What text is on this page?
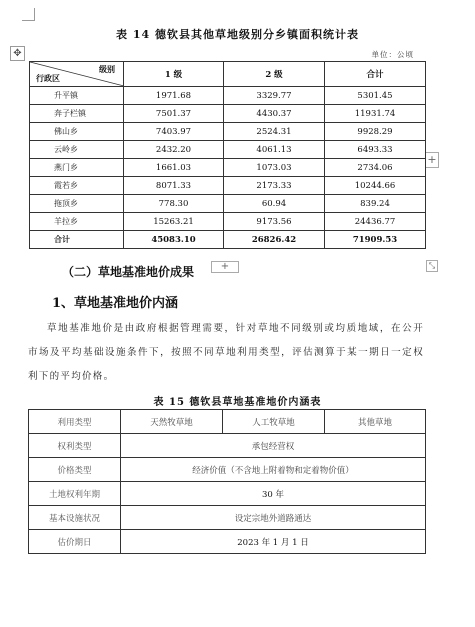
✥
+
+	⤡
表 14 德钦县其他草地级别分乡镇面积统计表
单位：公顷
级别
行政区	1 级	2 级	合计
升平镇	1971.68	3329.77	5301.45
奔子栏镇	7501.37	4430.37	11931.74
佛山乡	7403.97	2524.31	9928.29
云岭乡	2432.20	4061.13	6493.33
燕门乡	1661.03	1073.03	2734.06
霞若乡	8071.33	2173.33	10244.66
拖顶乡	778.30	60.94	839.24
羊拉乡	15263.21	9173.56	24436.77
合计	45083.10	26826.42	71909.53
（二）草地基准地价成果
1、草地基准地价内涵
草地基准地价是由政府根据管理需要，针对草地不同级别或均质地域，在公开市场及平均基础设施条件下，按照不同草地利用类型，评估测算于某一期日一定权利下的平均价格。
表 15 德钦县草地基准地价内涵表
利用类型	天然牧草地	人工牧草地	其他草地
权利类型	承包经营权		
价格类型	经济价值（不含地上附着物和定着物价值）		
土地权利年期	30 年		
基本设施状况	设定宗地外道路通达		
估价期日	2023 年 1 月 1 日		
